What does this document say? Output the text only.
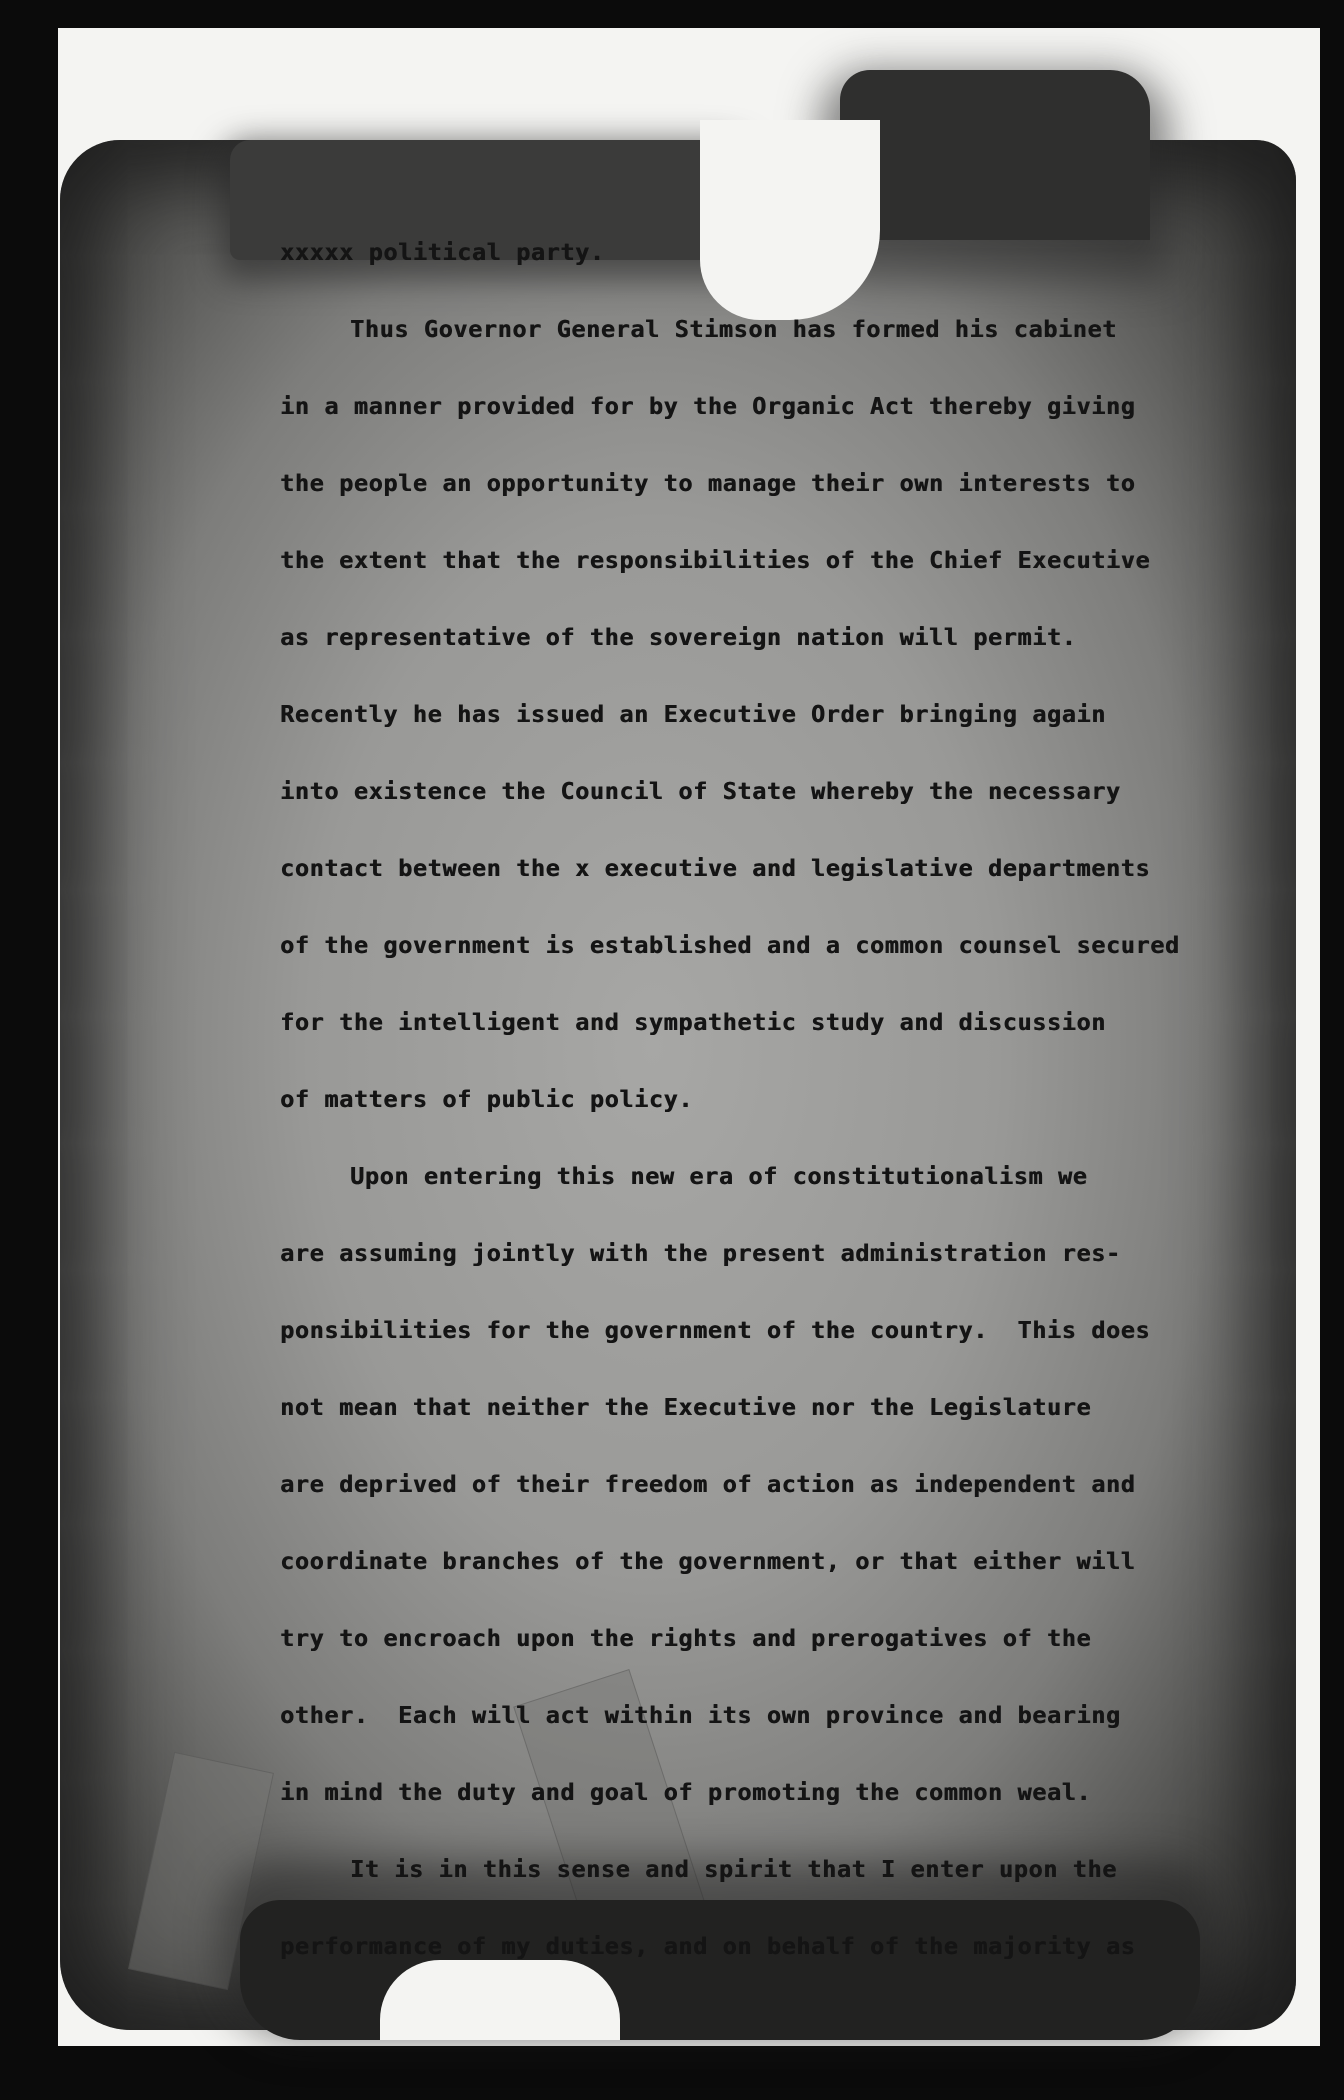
xxxxx political party.
Thus Governor General Stimson has formed his cabinet
in a manner provided for by the Organic Act thereby giving
the people an opportunity to manage their own interests to
the extent that the responsibilities of the Chief Executive
as representative of the sovereign nation will permit.
Recently he has issued an Executive Order bringing again
into existence the Council of State whereby the necessary
contact between the x executive and legislative departments
of the government is established and a common counsel secured
for the intelligent and sympathetic study and discussion
of matters of public policy.
Upon entering this new era of constitutionalism we
are assuming jointly with the present administration res-
ponsibilities for the government of the country.  This does
not mean that neither the Executive nor the Legislature
are deprived of their freedom of action as independent and
coordinate branches of the government, or that either will
try to encroach upon the rights and prerogatives of the
other.  Each will act within its own province and bearing
in mind the duty and goal of promoting the common weal.
It is in this sense and spirit that I enter upon the
performance of my duties, and on behalf of the majority as
